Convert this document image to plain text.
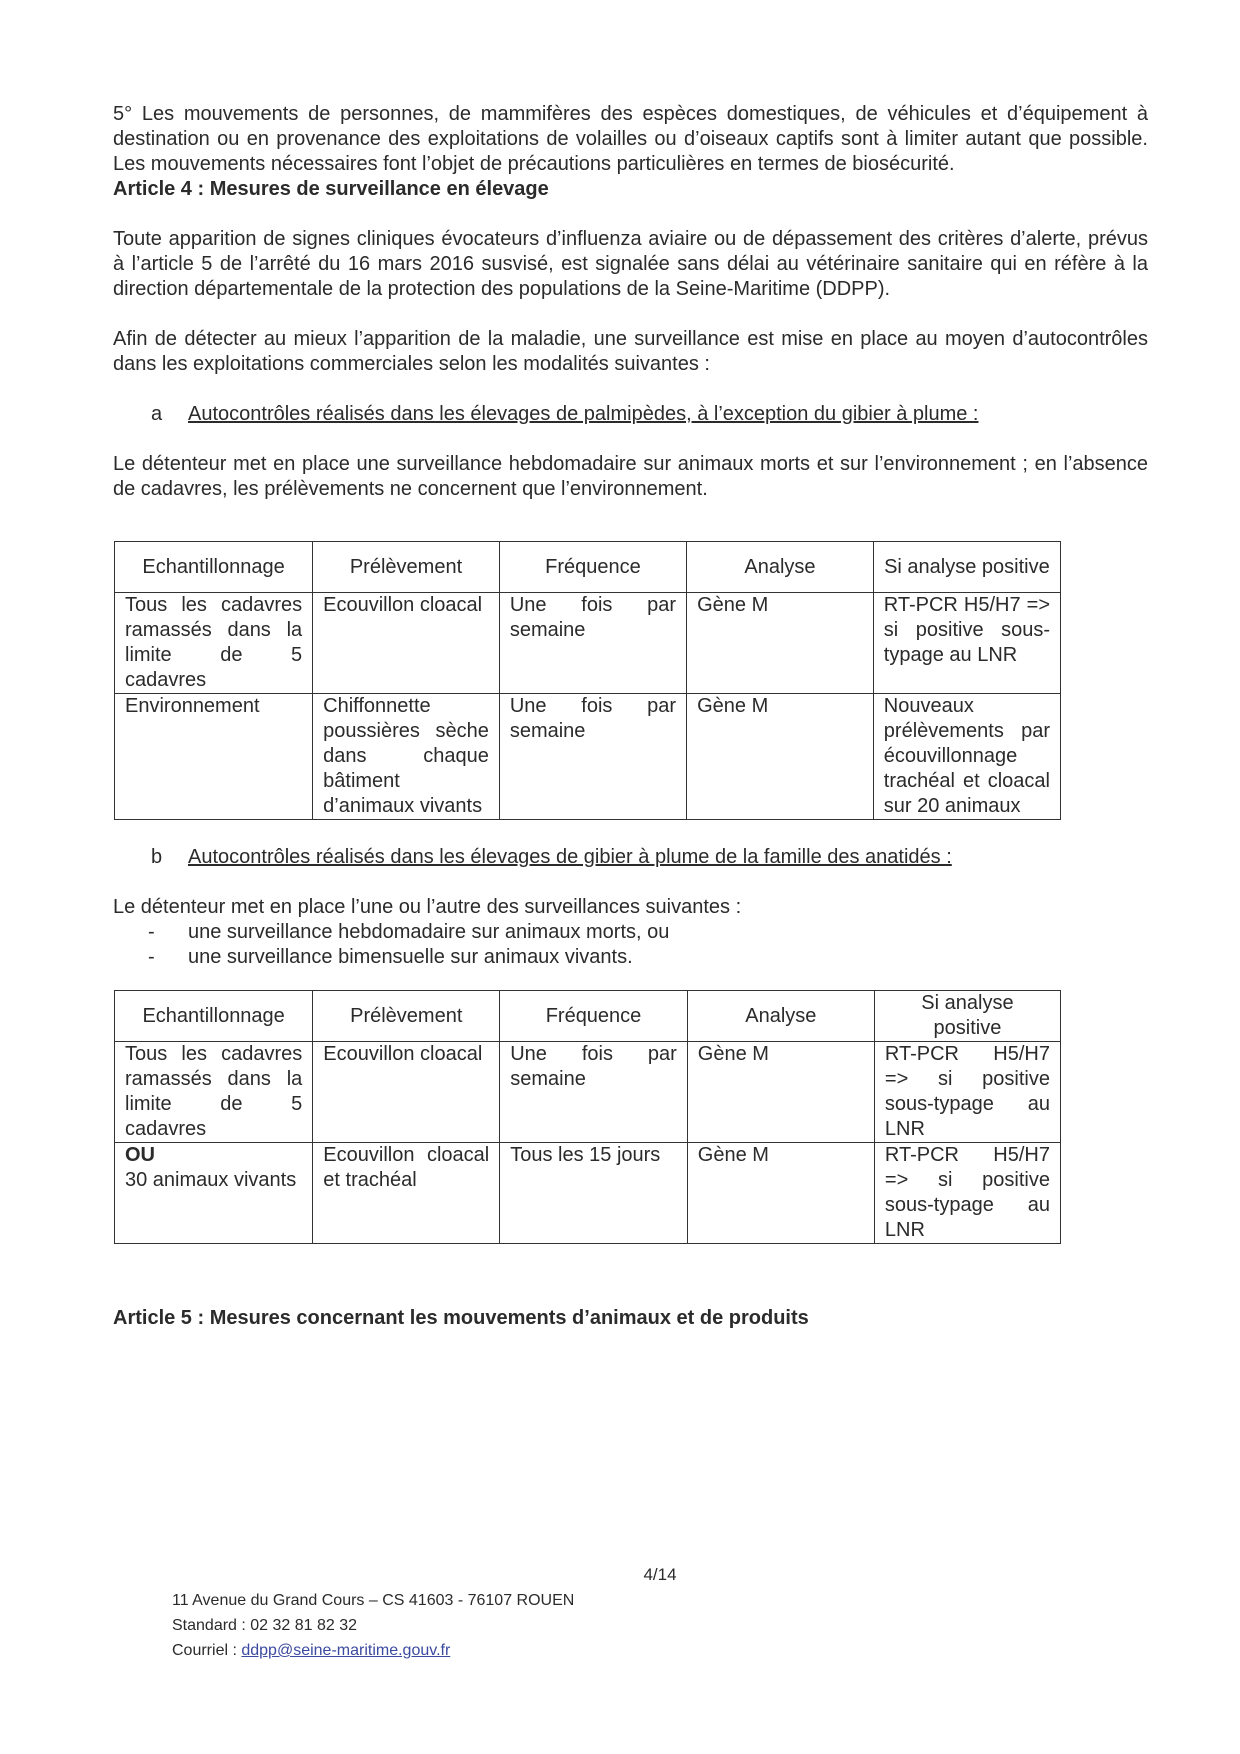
5° Les mouvements de personnes, de mammifères des espèces domestiques, de véhicules et d’équipement à destination ou en provenance des exploitations de volailles ou d’oiseaux captifs sont à limiter autant que possible. Les mouvements nécessaires font l’objet de précautions particulières en termes de biosécurité.

Article 4 : Mesures de surveillance en élevage

Toute apparition de signes cliniques évocateurs d’influenza aviaire ou de dépassement des critères d’alerte, prévus à l’article 5 de l’arrêté du 16 mars 2016 susvisé, est signalée sans délai au vétérinaire sanitaire qui en réfère à la direction départementale de la protection des populations de la Seine-Maritime (DDPP).

Afin de détecter au mieux l’apparition de la maladie, une surveillance est mise en place au moyen d’autocontrôles dans les exploitations commerciales selon les modalités suivantes :

a Autocontrôles réalisés dans les élevages de palmipèdes, à l’exception du gibier à plume :

Le détenteur met en place une surveillance hebdomadaire sur animaux morts et sur l’environnement ; en l’absence de cadavres, les prélèvements ne concernent que l’environnement.

Echantillonnage	Prélèvement	Fréquence	Analyse	Si analyse positive
Tous les cadavres ramassés dans la limite de 5 cadavres	Ecouvillon cloacal	Une fois par semaine	Gène M	RT-PCR H5/H7 => si positive sous-typage au LNR
Environnement	Chiffonnette poussières sèche dans chaque bâtiment d’animaux vivants	Une fois par semaine	Gène M	Nouveaux prélèvements par écouvillonnage trachéal et cloacal sur 20 animaux
b Autocontrôles réalisés dans les élevages de gibier à plume de la famille des anatidés :

Le détenteur met en place l’une ou l’autre des surveillances suivantes :

- une surveillance hebdomadaire sur animaux morts, ou
- une surveillance bimensuelle sur animaux vivants.
Echantillonnage	Prélèvement	Fréquence	Analyse	Si analyse positive
Tous les cadavres ramassés dans la limite de 5 cadavres	Ecouvillon cloacal	Une fois par semaine	Gène M	RT-PCR H5/H7 => si positive sous-typage au LNR

OU
30 animaux vivants	Ecouvillon cloacal et trachéal	Tous les 15 jours	Gène M	RT-PCR H5/H7 => si positive sous-typage au LNR

Article 5 : Mesures concernant les mouvements d’animaux et de produits

4/14
11 Avenue du Grand Cours – CS 41603 - 76107 ROUEN
Standard : 02 32 81 82 32
Courriel : ddpp@seine-maritime.gouv.fr
